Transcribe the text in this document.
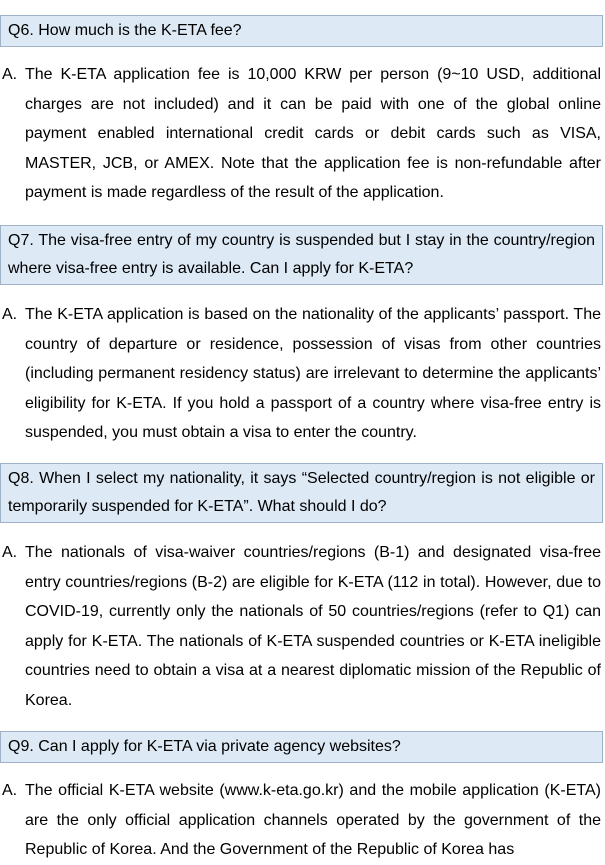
Q6. How much is the K-ETA fee?
A. The K-ETA application fee is 10,000 KRW per person (9~10 USD, additional charges are not included) and it can be paid with one of the global online payment enabled international credit cards or debit cards such as VISA, MASTER, JCB, or AMEX. Note that the application fee is non-refundable after payment is made regardless of the result of the application.
Q7. The visa-free entry of my country is suspended but I stay in the country/region where visa-free entry is available. Can I apply for K-ETA?
A. The K-ETA application is based on the nationality of the applicants’ passport. The country of departure or residence, possession of visas from other countries (including permanent residency status) are irrelevant to determine the applicants’ eligibility for K-ETA. If you hold a passport of a country where visa-free entry is suspended, you must obtain a visa to enter the country.
Q8. When I select my nationality, it says “Selected country/region is not eligible or temporarily suspended for K-ETA”. What should I do?
A. The nationals of visa-waiver countries/regions (B-1) and designated visa-free entry countries/regions (B-2) are eligible for K-ETA (112 in total). However, due to COVID-19, currently only the nationals of 50 countries/regions (refer to Q1) can apply for K-ETA. The nationals of K-ETA suspended countries or K-ETA ineligible countries need to obtain a visa at a nearest diplomatic mission of the Republic of Korea.
Q9. Can I apply for K-ETA via private agency websites?
A. The official K-ETA website (www.k-eta.go.kr) and the mobile application (K-ETA) are the only official application channels operated by the government of the Republic of Korea. And the Government of the Republic of Korea has
